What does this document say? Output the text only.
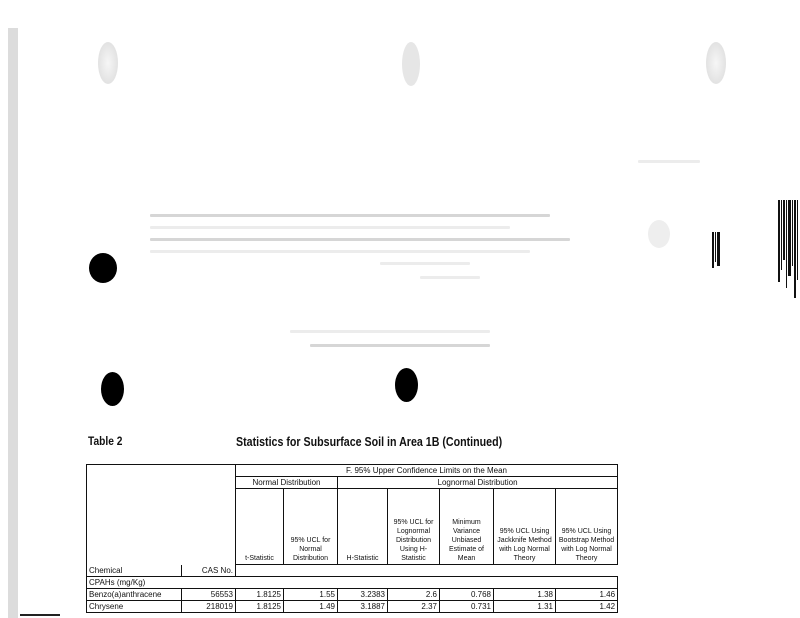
Table 2	Statistics for Subsurface Soil in Area 1B (Continued)
		F. 95% Upper Confidence Limits on the Mean						
		Normal Distribution		Lognormal Distribution				
		t-Statistic	95% UCL for Normal Distribution	H-Statistic	95% UCL for Lognormal Distribution Using H-Statistic	Minimum Variance Unbiased Estimate of Mean	95% UCL Using Jackknife Method with Log Normal Theory	95% UCL Using Bootstrap Method with Log Normal Theory
Chemical	CAS No.							
CPAHs (mg/Kg)								
Benzo(a)anthracene	56553	1.8125	1.55	3.2383	2.6	0.768	1.38	1.46
Chrysene	218019	1.8125	1.49	3.1887	2.37	0.731	1.31	1.42
